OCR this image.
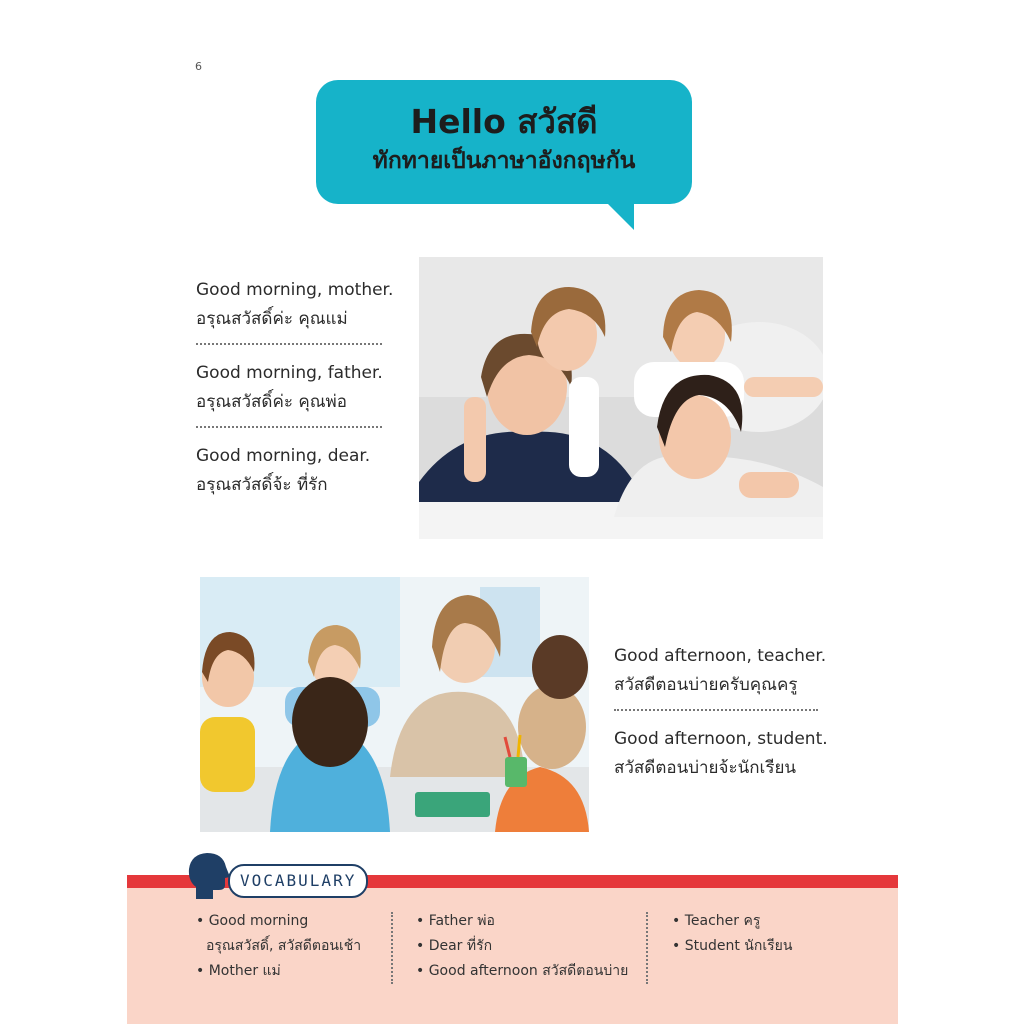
6
Hello สวัสดี
ทักทายเป็นภาษาอังกฤษกัน
Good morning, mother.
อรุณสวัสดิ์ค่ะ คุณแม่
Good morning, father.
อรุณสวัสดิ์ค่ะ คุณพ่อ
Good morning, dear.
อรุณสวัสดิ์จ้ะ ที่รัก
Good afternoon, teacher.
สวัสดีตอนบ่ายครับคุณครู
Good afternoon, student.
สวัสดีตอนบ่ายจ้ะนักเรียน
VOCABULARY
• Good morning
อรุณสวัสดิ์, สวัสดีตอนเช้า
• Mother แม่
• Father พ่อ
• Dear ที่รัก
• Good afternoon สวัสดีตอนบ่าย
• Teacher ครู
• Student นักเรียน
